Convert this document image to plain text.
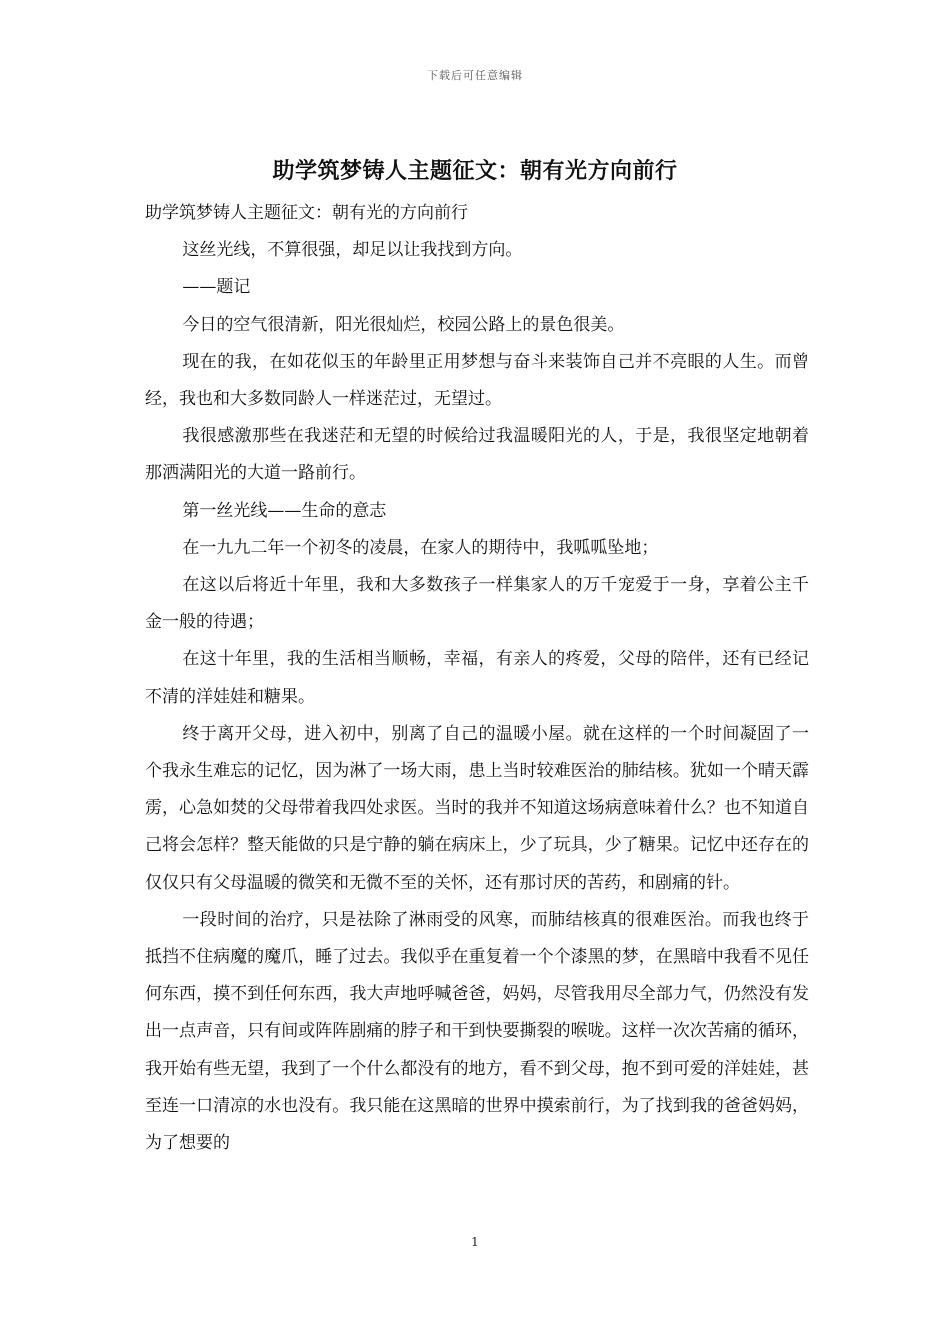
下载后可任意编辑
助学筑梦铸人主题征文：朝有光方向前行

助学筑梦铸人主题征文：朝有光的方向前行

这丝光线，不算很强，却足以让我找到方向。

——题记

今日的空气很清新，阳光很灿烂，校园公路上的景色很美。

现在的我，在如花似玉的年龄里正用梦想与奋斗来装饰自己并不亮眼的人生。而曾经，我也和大多数同龄人一样迷茫过，无望过。

我很感激那些在我迷茫和无望的时候给过我温暖阳光的人，于是，我很坚定地朝着那洒满阳光的大道一路前行。

第一丝光线——生命的意志

在一九九二年一个初冬的凌晨，在家人的期待中，我呱呱坠地；

在这以后将近十年里，我和大多数孩子一样集家人的万千宠爱于一身，享着公主千金一般的待遇；

在这十年里，我的生活相当顺畅，幸福，有亲人的疼爱，父母的陪伴，还有已经记不清的洋娃娃和糖果。

终于离开父母，进入初中，别离了自己的温暖小屋。就在这样的一个时间凝固了一个我永生难忘的记忆，因为淋了一场大雨，患上当时较难医治的肺结核。犹如一个晴天霹雳，心急如焚的父母带着我四处求医。当时的我并不知道这场病意味着什么？也不知道自己将会怎样？整天能做的只是宁静的躺在病床上，少了玩具，少了糖果。记忆中还存在的仅仅只有父母温暖的微笑和无微不至的关怀，还有那讨厌的苦药，和剧痛的针。

一段时间的治疗，只是祛除了淋雨受的风寒，而肺结核真的很难医治。而我也终于抵挡不住病魔的魔爪，睡了过去。我似乎在重复着一个个漆黑的梦，在黑暗中我看不见任何东西，摸不到任何东西，我大声地呼喊爸爸，妈妈，尽管我用尽全部力气，仍然没有发出一点声音，只有间或阵阵剧痛的脖子和干到快要撕裂的喉咙。这样一次次苦痛的循环，我开始有些无望，我到了一个什么都没有的地方，看不到父母，抱不到可爱的洋娃娃，甚至连一口清凉的水也没有。我只能在这黑暗的世界中摸索前行，为了找到我的爸爸妈妈，为了想要的

1
